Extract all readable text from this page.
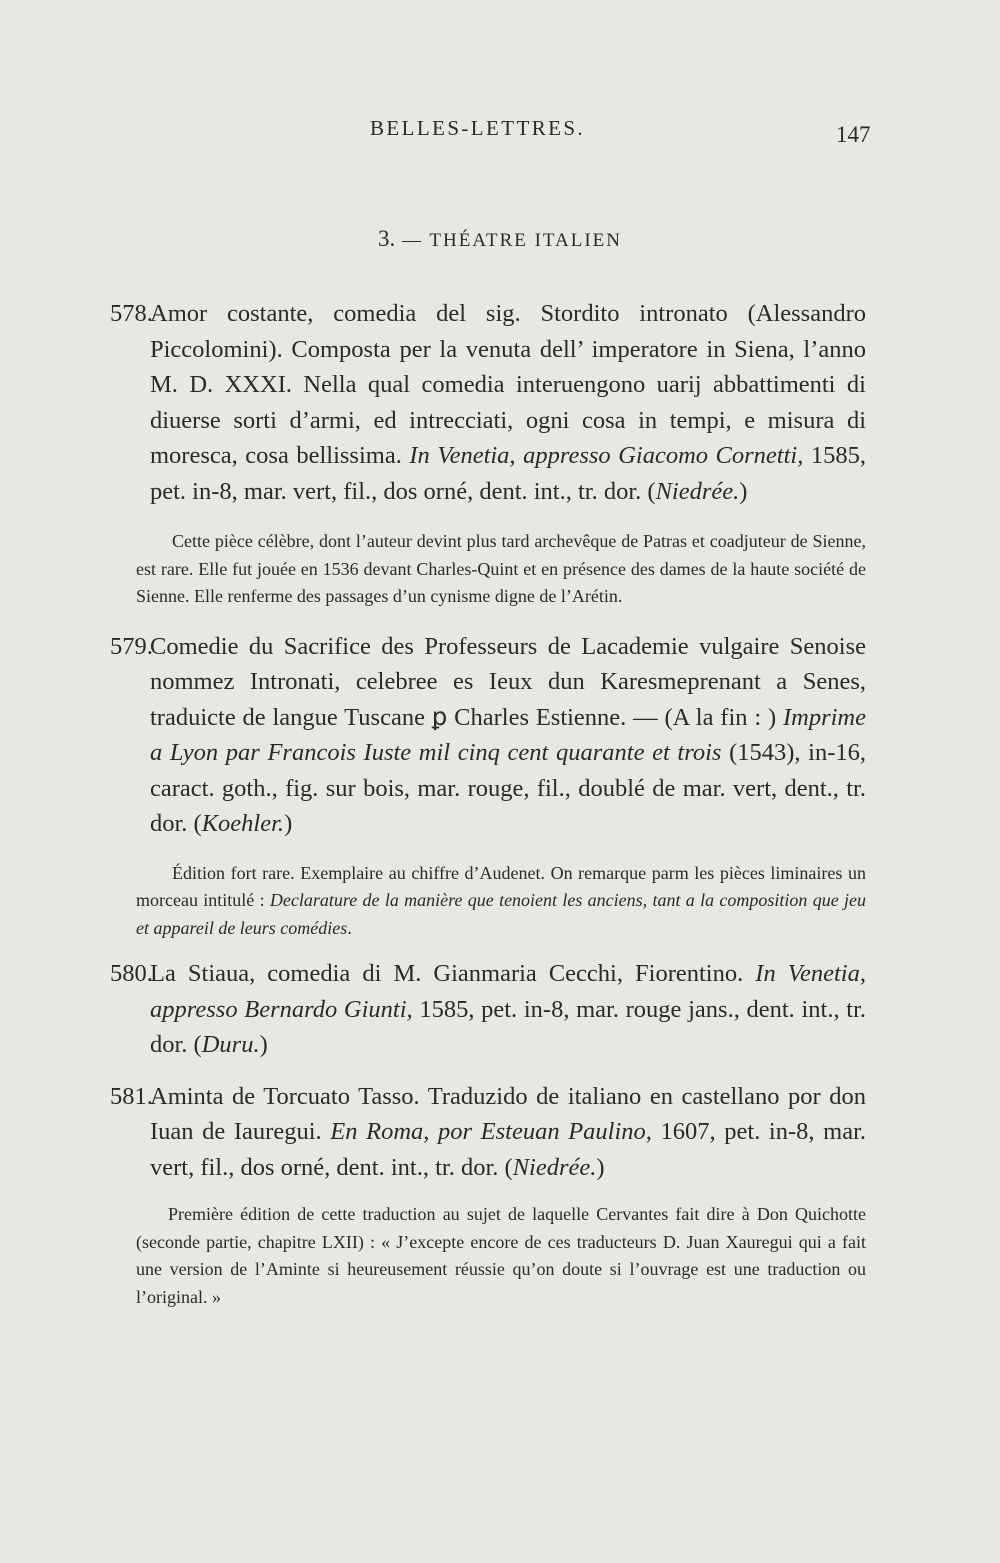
BELLES-LETTRES.	147
3. — THÉATRE ITALIEN
578.
Amor costante, comedia del sig. Stordito intronato (Alessandro Piccolomini). Composta per la venuta dell’ imperatore in Siena, l’anno M. D. XXXI. Nella qual comedia interuengono uarij abbattimenti di diuerse sorti d’armi, ed intrecciati, ogni cosa in tempi, e misura di moresca, cosa bellissima. In Venetia, appresso Giacomo Cornetti, 1585, pet. in-8, mar. vert, fil., dos orné, dent. int., tr. dor. (Niedrée.)
Cette pièce célèbre, dont l’auteur devint plus tard archevêque de Patras et coadjuteur de Sienne, est rare. Elle fut jouée en 1536 devant Charles-Quint et en présence des dames de la haute société de Sienne. Elle renferme des passages d’un cynisme digne de l’Arétin.
579.
Comedie du Sacrifice des Professeurs de Lacademie vulgaire Senoise nommez Intronati, celebree es Ieux dun Karesmeprenant a Senes, traduicte de langue Tuscane ꝑ Charles Estienne. — (A la fin : ) Imprime a Lyon par Francois Iuste mil cinq cent quarante et trois (1543), in-16, caract. goth., fig. sur bois, mar. rouge, fil., doublé de mar. vert, dent., tr. dor. (Koehler.)
Édition fort rare. Exemplaire au chiffre d’Audenet. On remarque parm les pièces liminaires un morceau intitulé : Declarature de la manière que tenoient les anciens, tant a la composition que jeu et appareil de leurs comédies.
580.
La Stiaua, comedia di M. Gianmaria Cecchi, Fiorentino. In Venetia, appresso Bernardo Giunti, 1585, pet. in-8, mar. rouge jans., dent. int., tr. dor. (Duru.)
581.
Aminta de Torcuato Tasso. Traduzido de italiano en castellano por don Iuan de Iauregui. En Roma, por Esteuan Paulino, 1607, pet. in-8, mar. vert, fil., dos orné, dent. int., tr. dor. (Niedrée.)
Première édition de cette traduction au sujet de laquelle Cervantes fait dire à Don Quichotte (seconde partie, chapitre LXII) : « J’excepte encore de ces traducteurs D. Juan Xauregui qui a fait une version de l’Aminte si heureusement réussie qu’on doute si l’ouvrage est une traduction ou l’original. »
